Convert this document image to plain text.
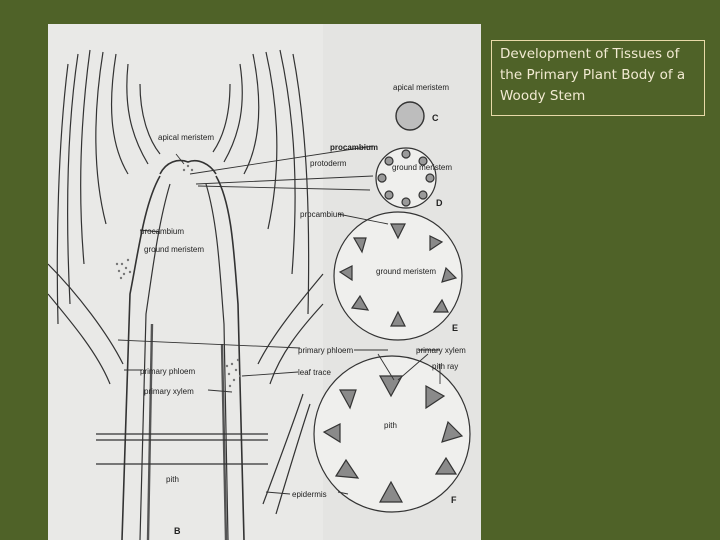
apical meristem
procambium
ground meristem
primary phloem
primary xylem
pith
apical meristem
procambium
protoderm	ground meristem
procambium
ground meristem
primary phloem	primary xylem
pith ray
leaf trace
pith
epidermis
C
D
E
F
B
Development of Tissues of the Primary Plant Body of a Woody Stem
